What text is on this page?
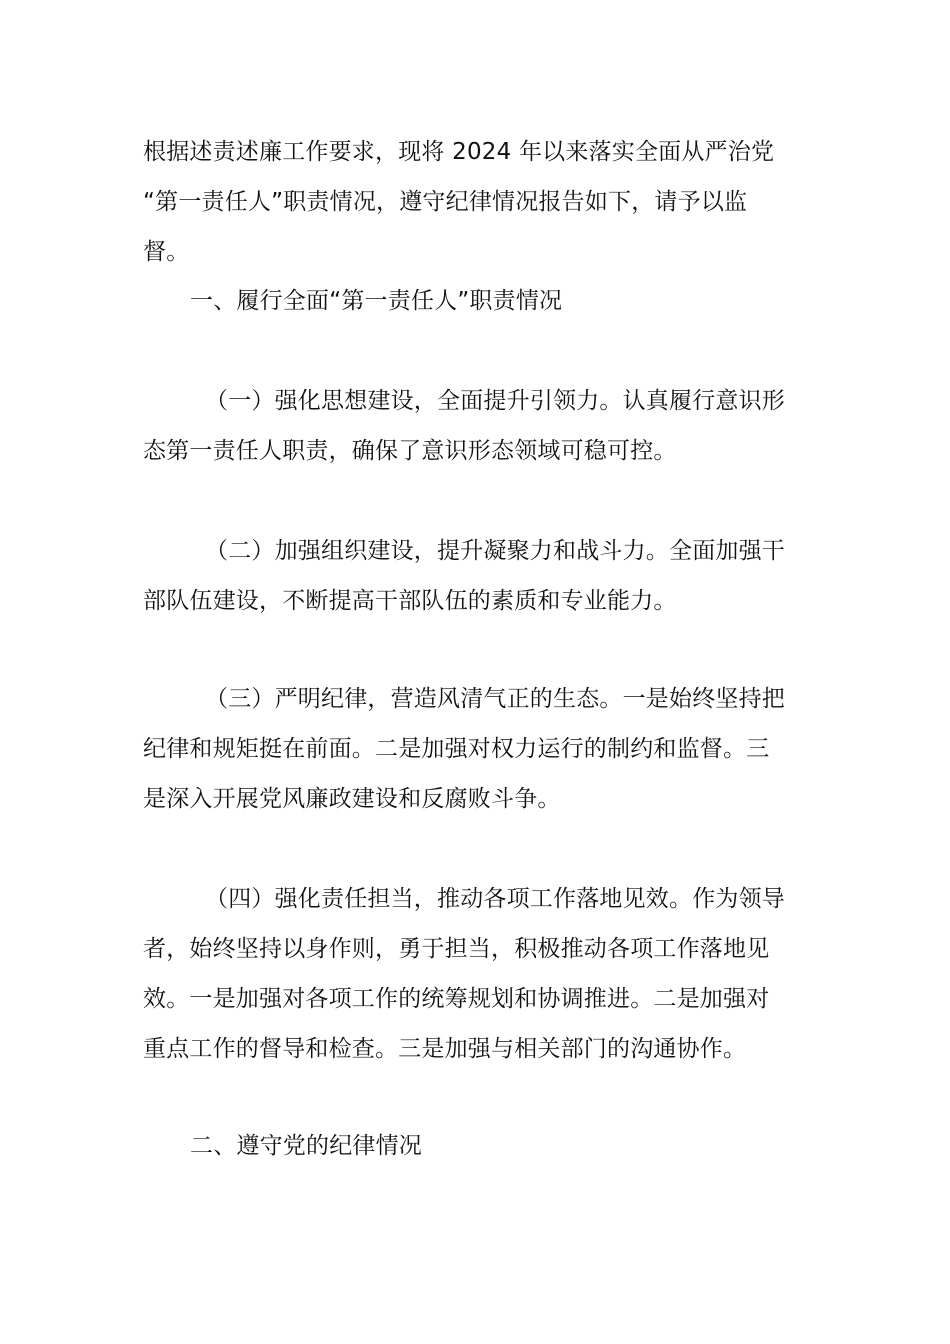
根据述责述廉工作要求，现将 2024 年以来落实全面从严治党
“第一责任人”职责情况，遵守纪律情况报告如下，请予以监
督。

一、履行全面“第一责任人”职责情况

（一）强化思想建设，全面提升引领力。认真履行意识形
态第一责任人职责，确保了意识形态领域可稳可控。

（二）加强组织建设，提升凝聚力和战斗力。全面加强干
部队伍建设，不断提高干部队伍的素质和专业能力。

（三）严明纪律，营造风清气正的生态。一是始终坚持把
纪律和规矩挺在前面。二是加强对权力运行的制约和监督。三
是深入开展党风廉政建设和反腐败斗争。

（四）强化责任担当，推动各项工作落地见效。作为领导
者，始终坚持以身作则，勇于担当，积极推动各项工作落地见
效。一是加强对各项工作的统筹规划和协调推进。二是加强对
重点工作的督导和检查。三是加强与相关部门的沟通协作。

二、遵守党的纪律情况
